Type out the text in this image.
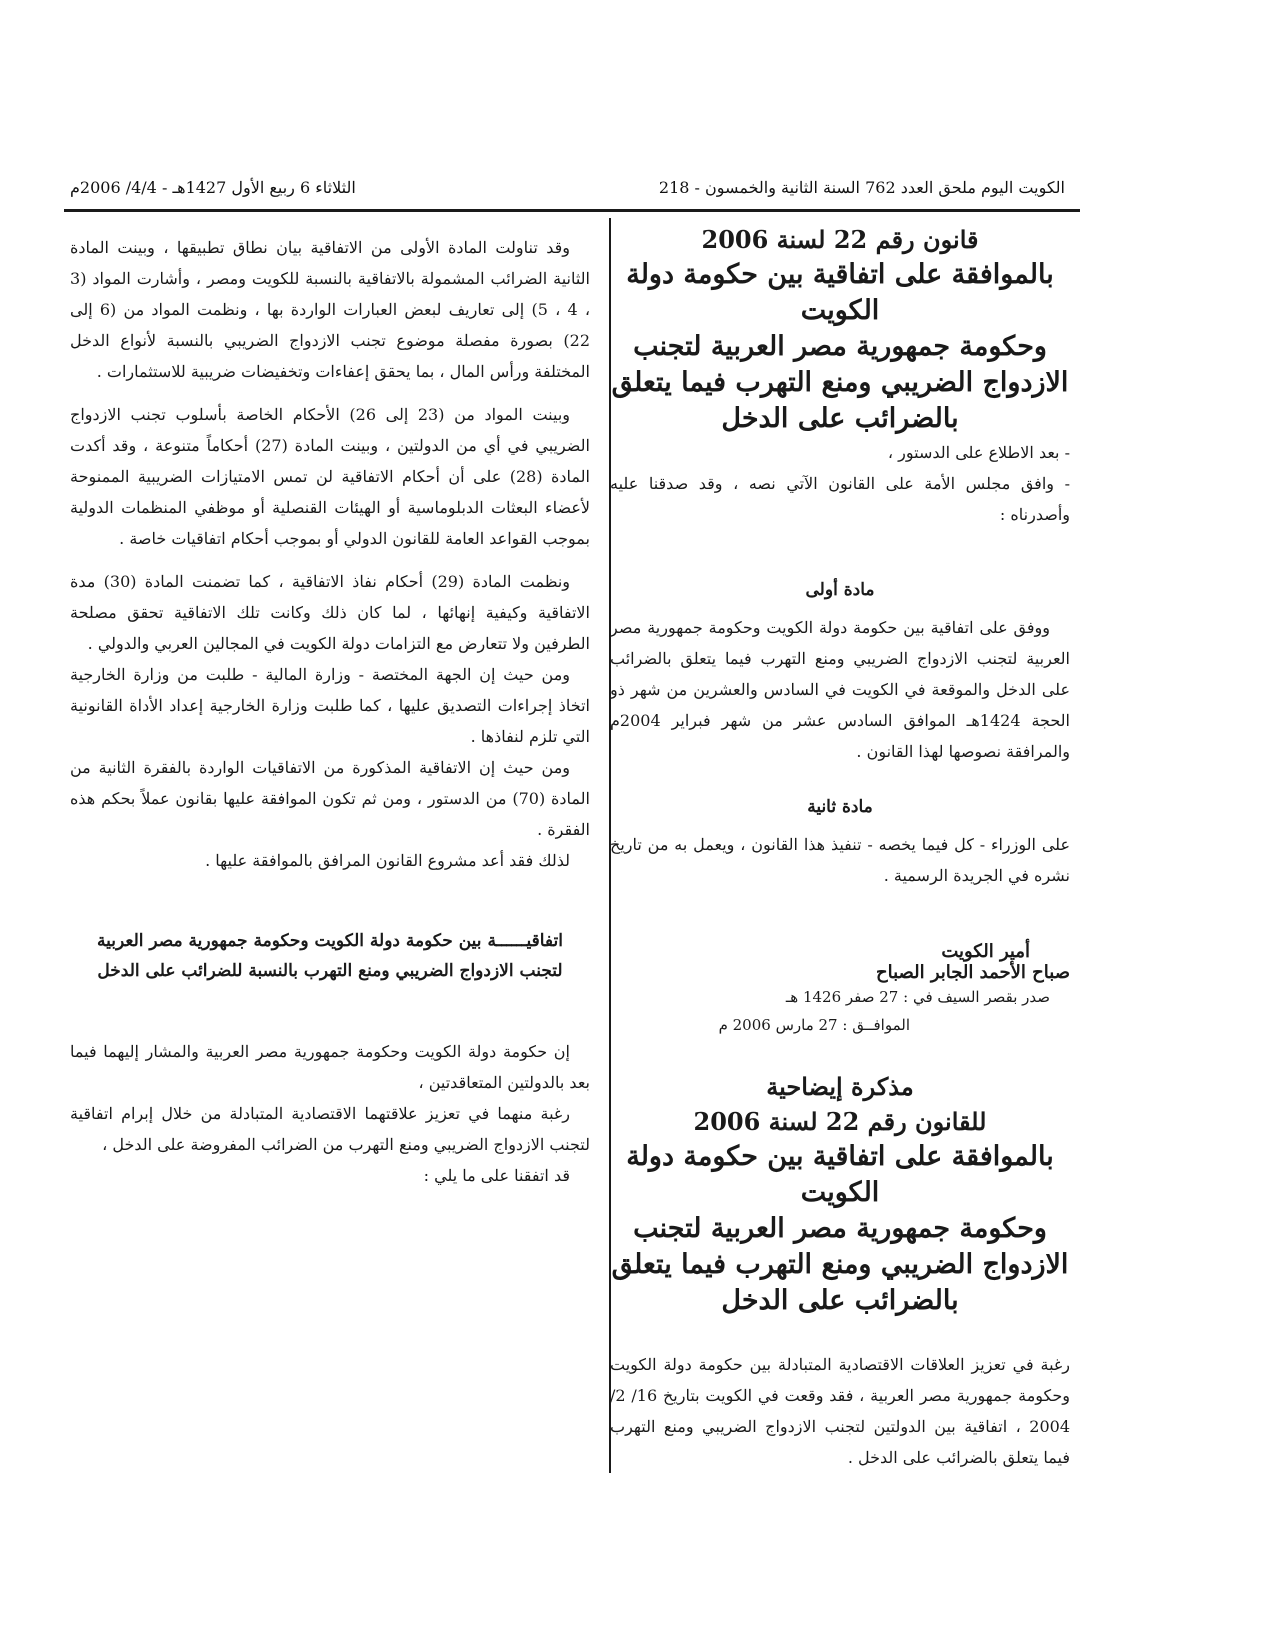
الكويت اليوم ملحق العدد 762 السنة الثانية والخمسون - 218
الثلاثاء 6 ربيع الأول 1427هـ - 4/4/ 2006م

قانون رقم 22 لسنة 2006

بالموافقة على اتفاقية بين حكومة دولة الكويت

وحكومة جمهورية مصر العربية لتجنب

الازدواج الضريبي ومنع التهرب فيما يتعلق

بالضرائب على الدخل

- بعد الاطلاع على الدستور ،

- وافق مجلس الأمة على القانون الآتي نصه ، وقد صدقنا عليه وأصدرناه :

مادة أولى

ووفق على اتفاقية بين حكومة دولة الكويت وحكومة جمهورية مصر العربية لتجنب الازدواج الضريبي ومنع التهرب فيما يتعلق بالضرائب على الدخل والموقعة في الكويت في السادس والعشرين من شهر ذو الحجة 1424هـ الموافق السادس عشر من شهر فبراير 2004م والمرافقة نصوصها لهذا القانون .

مادة ثانية

على الوزراء - كل فيما يخصه - تنفيذ هذا القانون ، ويعمل به من تاريخ نشره في الجريدة الرسمية .

أمير الكويت

صباح الأحمد الجابر الصباح

صدر بقصر السيف في : 27 صفر 1426 هـ

الموافــق : 27 مارس 2006 م

مذكرة إيضاحية

للقانون رقم 22 لسنة 2006

بالموافقة على اتفاقية بين حكومة دولة الكويت

وحكومة جمهورية مصر العربية لتجنب

الازدواج الضريبي ومنع التهرب فيما يتعلق

بالضرائب على الدخل

رغبة في تعزيز العلاقات الاقتصادية المتبادلة بين حكومة دولة الكويت وحكومة جمهورية مصر العربية ، فقد وقعت في الكويت بتاريخ 16/ 2/ 2004 ، اتفاقية بين الدولتين لتجنب الازدواج الضريبي ومنع التهرب فيما يتعلق بالضرائب على الدخل .

وقد تناولت المادة الأولى من الاتفاقية بيان نطاق تطبيقها ، وبينت المادة الثانية الضرائب المشمولة بالاتفاقية بالنسبة للكويت ومصر ، وأشارت المواد (3 ، 4 ، 5) إلى تعاريف لبعض العبارات الواردة بها ، ونظمت المواد من (6 إلى 22) بصورة مفصلة موضوع تجنب الازدواج الضريبي بالنسبة لأنواع الدخل المختلفة ورأس المال ، بما يحقق إعفاءات وتخفيضات ضريبية للاستثمارات .

وبينت المواد من (23 إلى 26) الأحكام الخاصة بأسلوب تجنب الازدواج الضريبي في أي من الدولتين ، وبينت المادة (27) أحكاماً متنوعة ، وقد أكدت المادة (28) على أن أحكام الاتفاقية لن تمس الامتيازات الضريبية الممنوحة لأعضاء البعثات الدبلوماسية أو الهيئات القنصلية أو موظفي المنظمات الدولية بموجب القواعد العامة للقانون الدولي أو بموجب أحكام اتفاقيات خاصة .

ونظمت المادة (29) أحكام نفاذ الاتفاقية ، كما تضمنت المادة (30) مدة الاتفاقية وكيفية إنهائها ، لما كان ذلك وكانت تلك الاتفاقية تحقق مصلحة الطرفين ولا تتعارض مع التزامات دولة الكويت في المجالين العربي والدولي .

ومن حيث إن الجهة المختصة - وزارة المالية - طلبت من وزارة الخارجية اتخاذ إجراءات التصديق عليها ، كما طلبت وزارة الخارجية إعداد الأداة القانونية التي تلزم لنفاذها .

ومن حيث إن الاتفاقية المذكورة من الاتفاقيات الواردة بالفقرة الثانية من المادة (70) من الدستور ، ومن ثم تكون الموافقة عليها بقانون عملاً بحكم هذه الفقرة .

لذلك فقد أعد مشروع القانون المرافق بالموافقة عليها .

اتفاقيــــــة بين حكومة دولة الكويت وحكومة جمهورية مصر العربية لتجنب الازدواج الضريبي ومنع التهرب بالنسبة للضرائب على الدخل

إن حكومة دولة الكويت وحكومة جمهورية مصر العربية والمشار إليهما فيما بعد بالدولتين المتعاقدتين ،

رغبة منهما في تعزيز علاقتهما الاقتصادية المتبادلة من خلال إبرام اتفاقية لتجنب الازدواج الضريبي ومنع التهرب من الضرائب المفروضة على الدخل ،

قد اتفقنا على ما يلي :
